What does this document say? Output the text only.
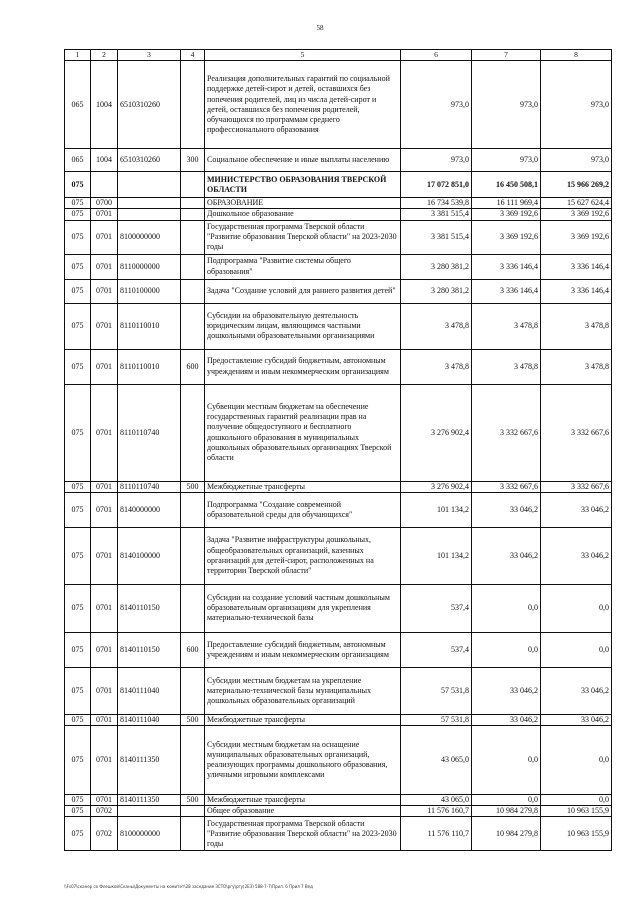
58
1	2	3	4	5	6	7	8
065	1004	6510310260		Реализация дополнительных гарантий по социальной поддержке детей-сирот и детей, оставшихся без попечения родителей, лиц из числа детей-сирот и детей, оставшихся без попечения родителей, обучающихся по программам среднего профессионального образования	973,0	973,0	973,0
065	1004	6510310260	300	Социальное обеспечение и иные выплаты населению	973,0	973,0	973,0
075				МИНИСТЕРСТВО ОБРАЗОВАНИЯ ТВЕРСКОЙ ОБЛАСТИ	17 072 851,0	16 450 508,1	15 966 269,2
075	0700			ОБРАЗОВАНИЕ	16 734 539,8	16 111 969,4	15 627 624,4
075	0701			Дошкольное образование	3 381 515,4	3 369 192,6	3 369 192,6
075	0701	8100000000		Государственная программа Тверской области "Развитие образования Тверской области" на 2023-2030 годы	3 381 515,4	3 369 192,6	3 369 192,6
075	0701	8110000000		Подпрограмма "Развитие системы общего образования"	3 280 381,2	3 336 146,4	3 336 146,4
075	0701	8110100000		Задача "Создание условий для раннего развития детей"	3 280 381,2	3 336 146,4	3 336 146,4
075	0701	8110110010		Субсидии на образовательную деятельность юридическим лицам, являющимся частными дошкольными образовательными организациями	3 478,8	3 478,8	3 478,8
075	0701	8110110010	600	Предоставление субсидий бюджетным, автономным учреждениям и иным некоммерческим организациям	3 478,8	3 478,8	3 478,8
075	0701	8110110740		Субвенции местным бюджетам на обеспечение государственных гарантий реализации прав на получение общедоступного и бесплатного дошкольного образования в муниципальных дошкольных образовательных организациях Тверской области	3 276 902,4	3 332 667,6	3 332 667,6
075	0701	8110110740	500	Межбюджетные трансферты	3 276 902,4	3 332 667,6	3 332 667,6
075	0701	8140000000		Подпрограмма "Создание современной образовательной среды для обучающихся"	101 134,2	33 046,2	33 046,2
075	0701	8140100000		Задача "Развитие инфраструктуры дошкольных, общеобразовательных организаций, казенных организаций для детей-сирот, расположенных на территории Тверской области"	101 134,2	33 046,2	33 046,2
075	0701	8140110150		Субсидии на создание условий частным дошкольным образовательным организациям для укрепления материально-технической базы	537,4	0,0	0,0
075	0701	8140110150	600	Предоставление субсидий бюджетным, автономным учреждениям и иным некоммерческим организациям	537,4	0,0	0,0
075	0701	8140111040		Субсидии местным бюджетам на укрепление материально-технической базы муниципальных дошкольных образовательных организаций	57 531,8	33 046,2	33 046,2
075	0701	8140111040	500	Межбюджетные трансферты	57 531,8	33 046,2	33 046,2
075	0701	8140111350		Субсидии местным бюджетам на оснащение муниципальных образовательных организаций, реализующих программы дошкольного образования, уличными игровыми комплексами	43 065,0	0,0	0,0
075	0701	8140111350	500	Межбюджетные трансферты	43 065,0	0,0	0,0
075	0702			Общее образование	11 576 160,7	10 984 279,8	10 963 155,9
075	0702	8100000000		Государственная программа Тверской области "Развитие образования Тверской области" на 2023-2030 годы	11 576 110,7	10 984 279,8	10 963 155,9
\\Fs07\сканер со Флешкой\Сканы\Документы на комитет\28 заседание ЗСТО\ргу\ргу(2ЕЗ) 588-7-7\Прил. 6 Прил 7 Вед
